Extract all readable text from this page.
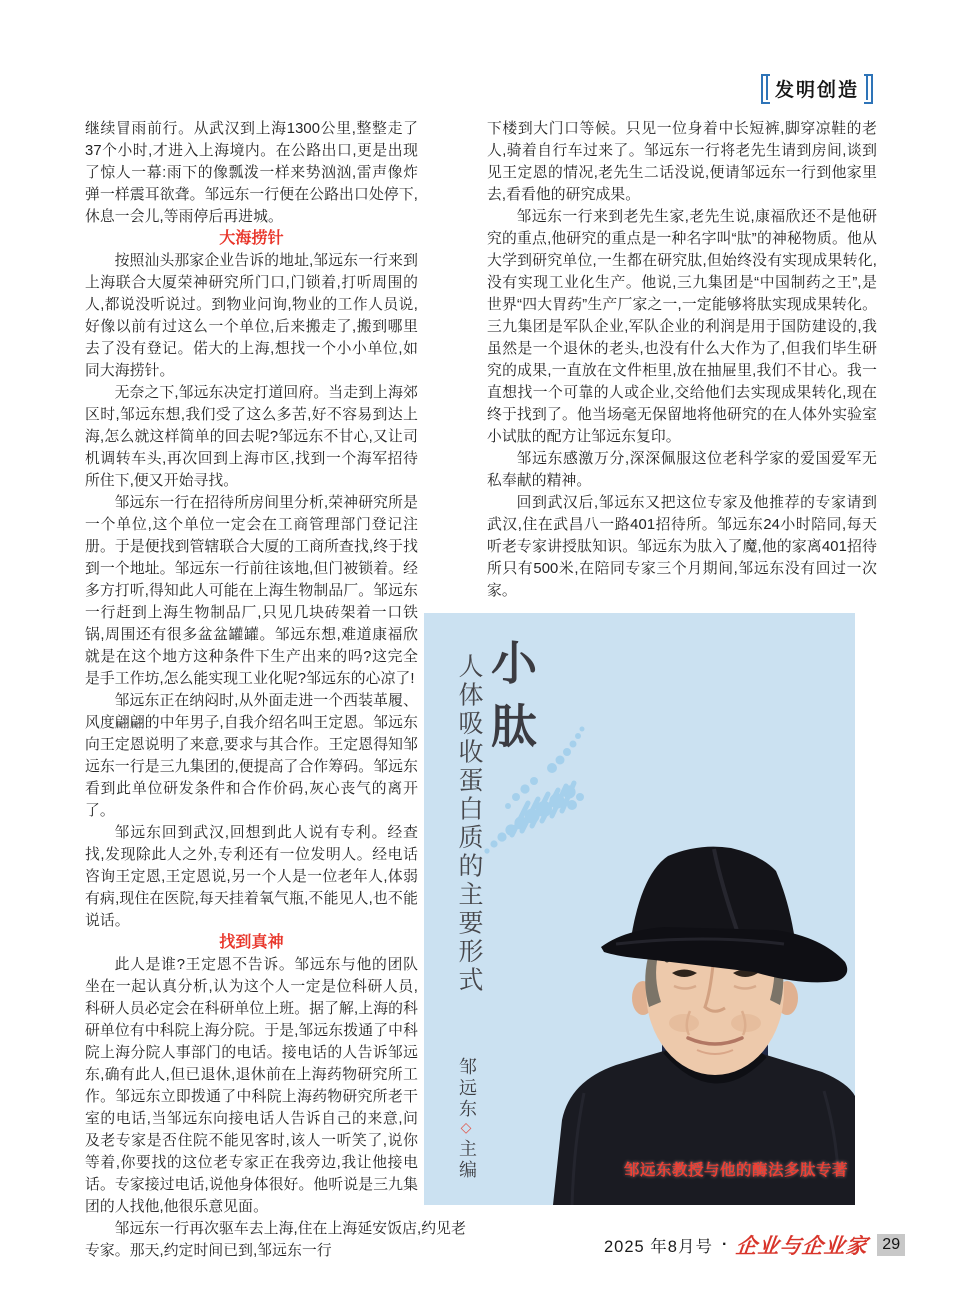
发明创造

继续冒雨前行。从武汉到上海1300公里,整整走了37个小时,才进入上海境内。在公路出口,更是出现了惊人一幕:雨下的像瓢泼一样来势汹汹,雷声像炸弹一样震耳欲聋。邹远东一行便在公路出口处停下,休息一会儿,等雨停后再进城。

大海捞针

按照汕头那家企业告诉的地址,邹远东一行来到上海联合大厦荣神研究所门口,门锁着,打听周围的人,都说没听说过。到物业问询,物业的工作人员说,好像以前有过这么一个单位,后来搬走了,搬到哪里去了没有登记。偌大的上海,想找一个小小单位,如同大海捞针。

无奈之下,邹远东决定打道回府。当走到上海郊区时,邹远东想,我们受了这么多苦,好不容易到达上海,怎么就这样简单的回去呢?邹远东不甘心,又让司机调转车头,再次回到上海市区,找到一个海军招待所住下,便又开始寻找。

邹远东一行在招待所房间里分析,荣神研究所是一个单位,这个单位一定会在工商管理部门登记注册。于是便找到管辖联合大厦的工商所查找,终于找到一个地址。邹远东一行前往该地,但门被锁着。经多方打听,得知此人可能在上海生物制品厂。邹远东一行赶到上海生物制品厂,只见几块砖架着一口铁锅,周围还有很多盆盆罐罐。邹远东想,难道康福欣就是在这个地方这种条件下生产出来的吗?这完全是手工作坊,怎么能实现工业化呢?邹远东的心凉了!

邹远东正在纳闷时,从外面走进一个西装革履、风度翩翩的中年男子,自我介绍名叫王定恩。邹远东向王定恩说明了来意,要求与其合作。王定恩得知邹远东一行是三九集团的,便提高了合作筹码。邹远东看到此单位研发条件和合作价码,灰心丧气的离开了。

邹远东回到武汉,回想到此人说有专利。经查找,发现除此人之外,专利还有一位发明人。经电话咨询王定恩,王定恩说,另一个人是一位老年人,体弱有病,现住在医院,每天挂着氧气瓶,不能见人,也不能说话。

找到真神

此人是谁?王定恩不告诉。邹远东与他的团队坐在一起认真分析,认为这个人一定是位科研人员,科研人员必定会在科研单位上班。据了解,上海的科研单位有中科院上海分院。于是,邹远东拨通了中科院上海分院人事部门的电话。接电话的人告诉邹远东,确有此人,但已退休,退休前在上海药物研究所工作。邹远东立即拨通了中科院上海药物研究所老干室的电话,当邹远东向接电话人告诉自己的来意,问及老专家是否住院不能见客时,该人一听笑了,说你等着,你要找的这位老专家正在我旁边,我让他接电话。专家接过电话,说他身体很好。他听说是三九集团的人找他,他很乐意见面。

邹远东一行再次驱车去上海,住在上海延安饭店,约见老专家。那天,约定时间已到,邹远东一行

下楼到大门口等候。只见一位身着中长短裤,脚穿凉鞋的老人,骑着自行车过来了。邹远东一行将老先生请到房间,谈到见王定恩的情况,老先生二话没说,便请邹远东一行到他家里去,看看他的研究成果。

邹远东一行来到老先生家,老先生说,康福欣还不是他研究的重点,他研究的重点是一种名字叫“肽”的神秘物质。他从大学到研究单位,一生都在研究肽,但始终没有实现成果转化,没有实现工业化生产。他说,三九集团是“中国制药之王”,是世界“四大胃药”生产厂家之一,一定能够将肽实现成果转化。三九集团是军队企业,军队企业的利润是用于国防建设的,我虽然是一个退休的老头,也没有什么大作为了,但我们毕生研究的成果,一直放在文件柜里,放在抽屉里,我们不甘心。我一直想找一个可靠的人或企业,交给他们去实现成果转化,现在终于找到了。他当场毫无保留地将他研究的在人体外实验室小试肽的配方让邹远东复印。

邹远东感激万分,深深佩服这位老科学家的爱国爱军无私奉献的精神。

回到武汉后,邹远东又把这位专家及他推荐的专家请到武汉,住在武昌八一路401招待所。邹远东24小时陪同,每天听老专家讲授肽知识。邹远东为肽入了魔,他的家离401招待所只有500米,在陪同专家三个月期间,邹远东没有回过一次家。

人体吸收蛋白质的主要形式 小肽
邹远东◇主编	邹远东教授与他的酶法多肽专著
2025 年8月号 · 企业与企业家 29
